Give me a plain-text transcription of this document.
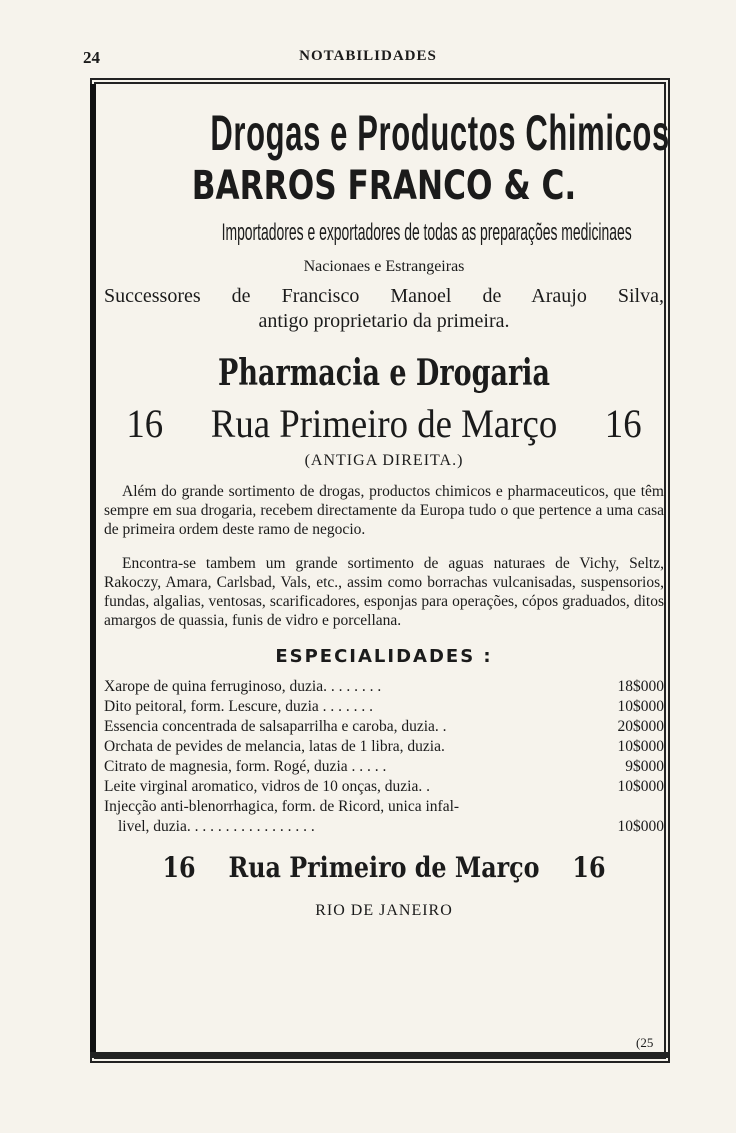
24	NOTABILIDADES
Drogas e Productos Chimicos
BARROS FRANCO & C.
Importadores e exportadores de todas as preparações medicinaes
Nacionaes e Estrangeiras
Successores de Francisco Manoel de Araujo Silva,
antigo proprietario da primeira.
Pharmacia e Drogaria
16 Rua Primeiro de Março 16
(ANTIGA DIREITA.)

Além do grande sortimento de drogas, productos chimicos e pharmaceuticos, que têm sempre em sua drogaria, recebem directamente da Europa tudo o que pertence a uma casa de primeira ordem deste ramo de negocio.

Encontra-se tambem um grande sortimento de aguas naturaes de Vichy, Seltz, Rakoczy, Amara, Carlsbad, Vals, etc., assim como borrachas vulcanisadas, suspensorios, fundas, algalias, ventosas, scarificadores, esponjas para operações, cópos graduados, ditos amargos de quassia, funis de vidro e porcellana.

ESPECIALIDADES :
Xarope de quina ferruginoso, duzia. . . . . . . .	18$000
Dito peitoral, form. Lescure, duzia . . . . . . .	10$000
Essencia concentrada de salsaparrilha e caroba, duzia. .	20$000
Orchata de pevides de melancia, latas de 1 libra, duzia.	10$000
Citrato de magnesia, form. Rogé, duzia . . . . .	9$000
Leite virginal aromatico, vidros de 10 onças, duzia. .	10$000
Injecção anti-blenorrhagica, form. de Ricord, unica infal-
livel, duzia. . . . . . . . . . . . . . . . .	10$000
16 Rua Primeiro de Março 16
RIO DE JANEIRO
(25
